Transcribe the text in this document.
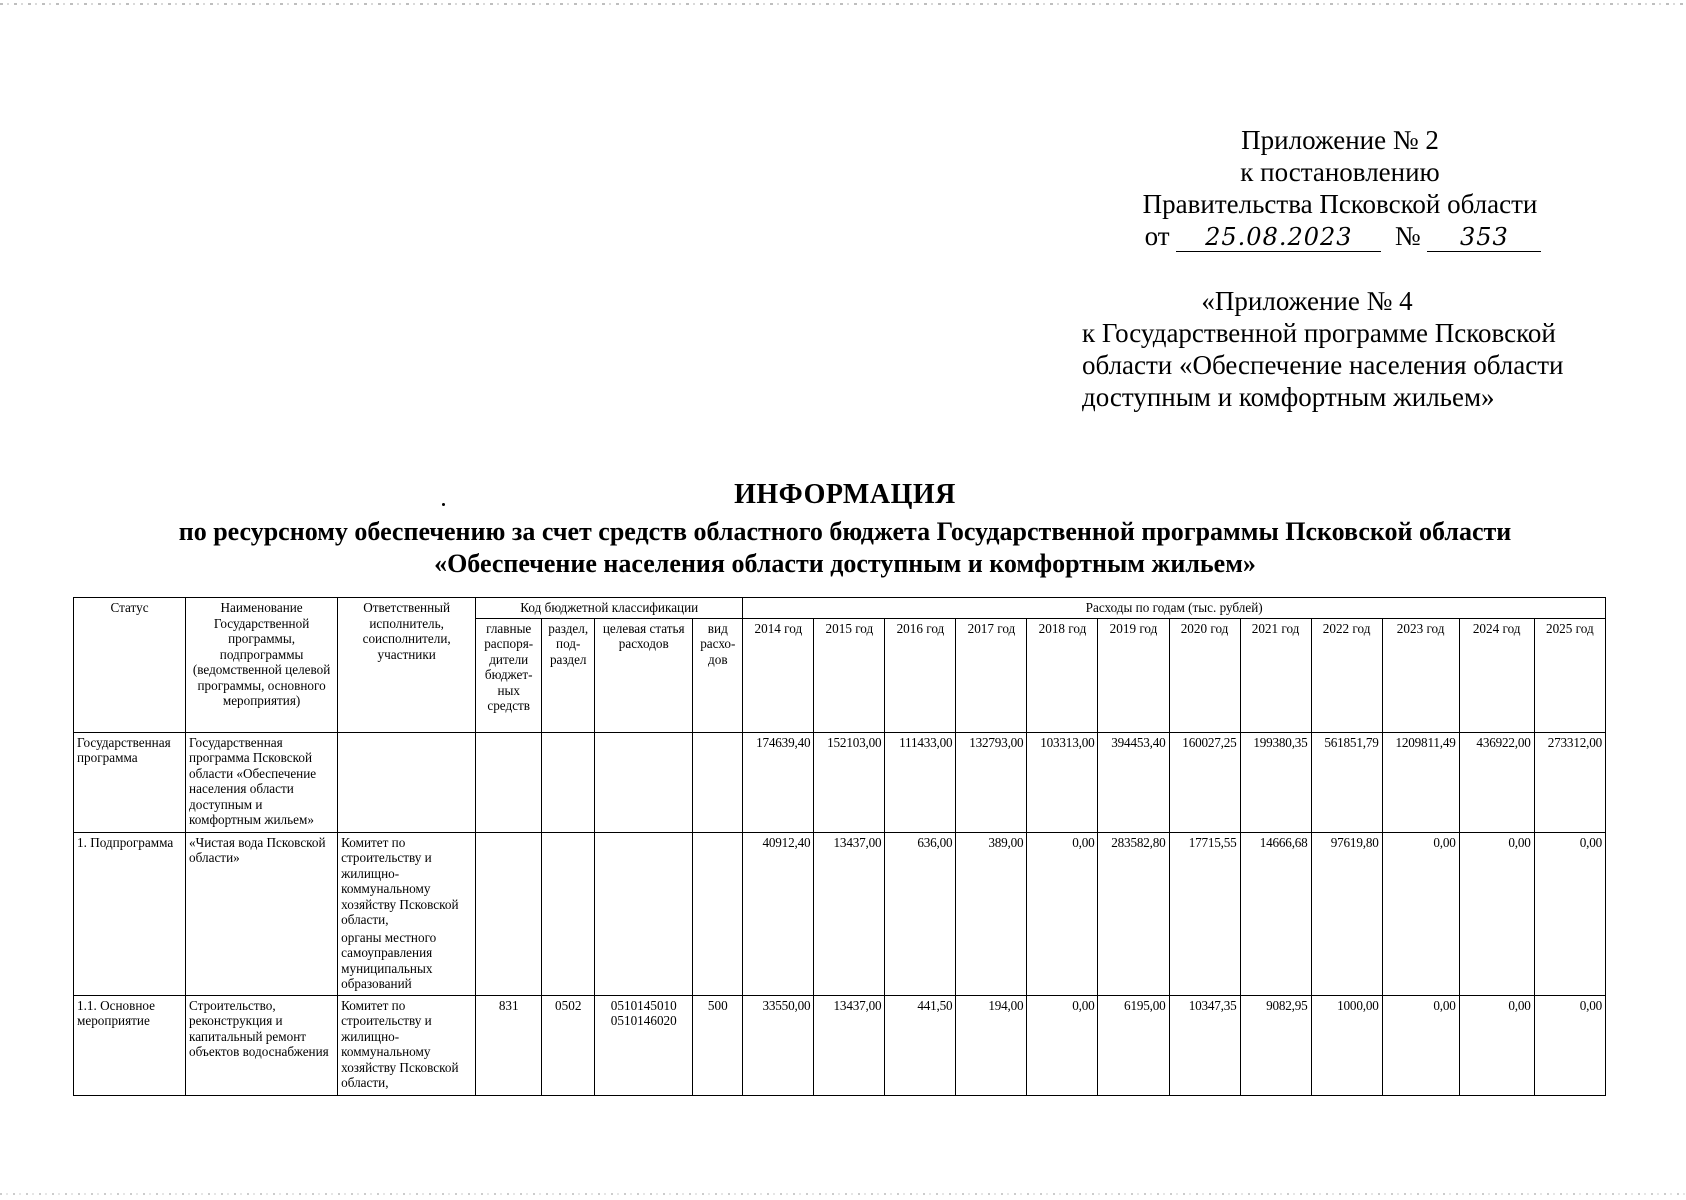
Приложение № 2
к постановлению
Правительства Псковской области
от 25.08.2023 № 353
«Приложение № 4
к Государственной программе Псковской
области «Обеспечение населения области
доступным и комфортным жильем»
ИНФОРМАЦИЯ
по ресурсному обеспечению за счет средств областного бюджета Государственной программы Псковской области
«Обеспечение населения области доступным и комфортным жильем»
Статус	Наименование Государственной программы, подпрограммы (ведомственной целевой программы, основного мероприятия)	Ответственный исполнитель, соисполнители, участники	Код бюджетной классификации				Расходы по годам (тыс. рублей)											
			главные распоря-дители бюджет-ных средств	раздел, под-раздел	целевая статья расходов	вид расхо-дов	2014 год	2015 год	2016 год	2017 год	2018 год	2019 год	2020 год	2021 год	2022 год	2023 год	2024 год	2025 год
Государственная программа	Государственная программа Псковской области «Обеспечение населения области доступным и комфортным жильем»						174639,40	152103,00	111433,00	132793,00	103313,00	394453,40	160027,25	199380,35	561851,79	1209811,49	436922,00	273312,00
1. Подпрограмма	«Чистая вода Псковской области»	Комитет по строительству и жилищно-коммунальному хозяйству Псковской области,
органы местного самоуправления муниципальных образований					40912,40	13437,00	636,00	389,00	0,00	283582,80	17715,55	14666,68	97619,80	0,00	0,00	0,00
1.1. Основное мероприятие	Строительство, реконструкция и капитальный ремонт объектов водоснабжения	Комитет по строительству и жилищно-коммунальному хозяйству Псковской области,	831	0502	0510145010
0510146020	500	33550,00	13437,00	441,50	194,00	0,00	6195,00	10347,35	9082,95	1000,00	0,00	0,00	0,00
